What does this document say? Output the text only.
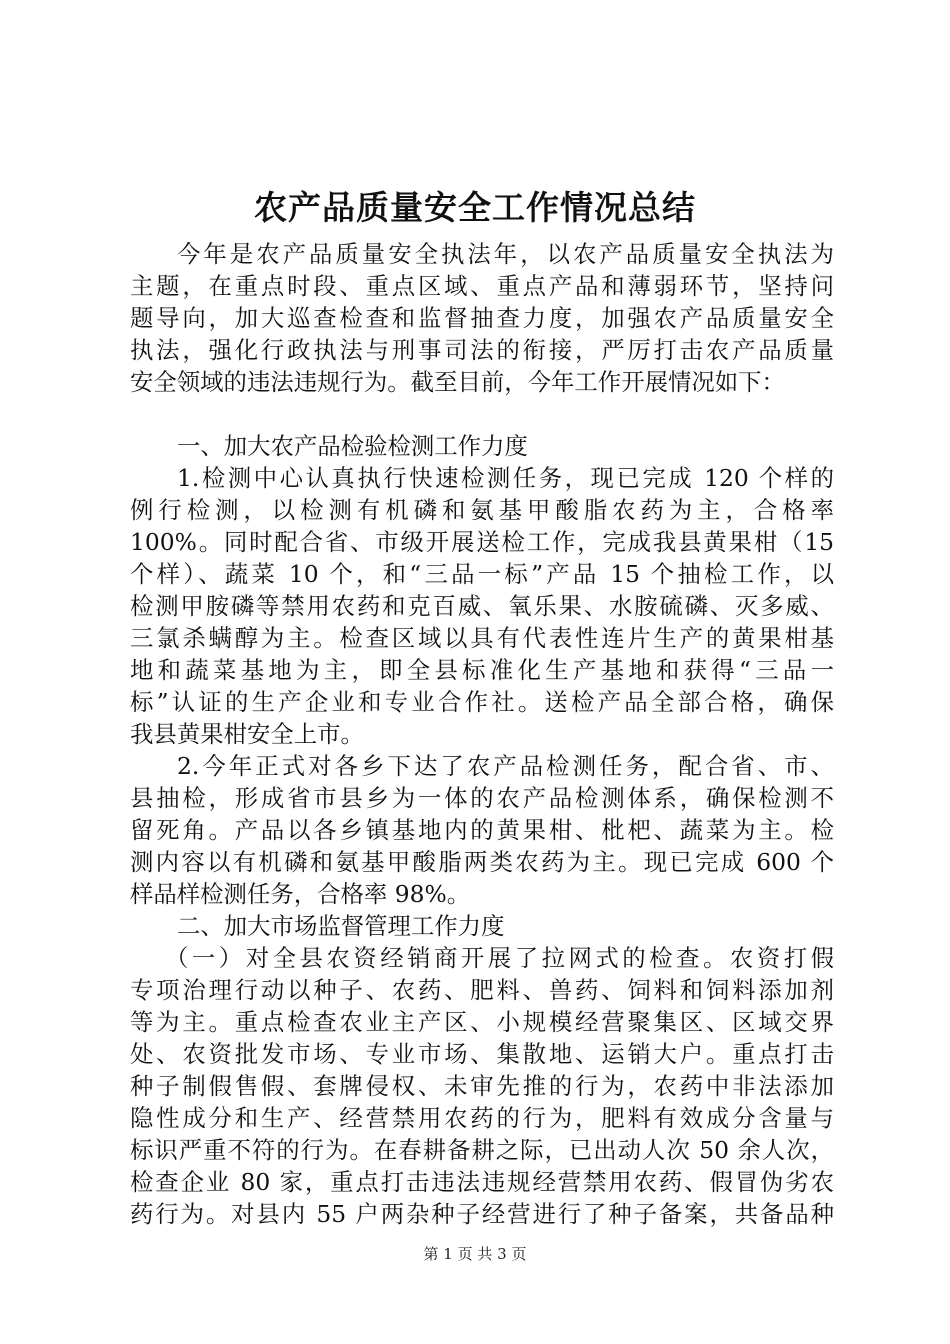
农产品质量安全工作情况总结
今年是农产品质量安全执法年，以农产品质量安全执法为
主题，在重点时段、重点区域、重点产品和薄弱环节，坚持问
题导向，加大巡查检查和监督抽查力度，加强农产品质量安全
执法，强化行政执法与刑事司法的衔接，严厉打击农产品质量
安全领域的违法违规行为。截至目前，今年工作开展情况如下：
一、加大农产品检验检测工作力度
1.检测中心认真执行快速检测任务，现已完成 120 个样的
例行检测，以检测有机磷和氨基甲酸脂农药为主，合格率
100%。同时配合省、市级开展送检工作，完成我县黄果柑（15
个样）、蔬菜 10 个，和“三品一标”产品 15 个抽检工作，以
检测甲胺磷等禁用农药和克百威、氧乐果、水胺硫磷、灭多威、
三氯杀螨醇为主。检查区域以具有代表性连片生产的黄果柑基
地和蔬菜基地为主，即全县标准化生产基地和获得“三品一
标”认证的生产企业和专业合作社。送检产品全部合格，确保
我县黄果柑安全上市。
2.今年正式对各乡下达了农产品检测任务，配合省、市、
县抽检，形成省市县乡为一体的农产品检测体系，确保检测不
留死角。产品以各乡镇基地内的黄果柑、枇杷、蔬菜为主。检
测内容以有机磷和氨基甲酸脂两类农药为主。现已完成 600 个
样品样检测任务，合格率 98%。
二、加大市场监督管理工作力度
（一）对全县农资经销商开展了拉网式的检查。农资打假
专项治理行动以种子、农药、肥料、兽药、饲料和饲料添加剂
等为主。重点检查农业主产区、小规模经营聚集区、区域交界
处、农资批发市场、专业市场、集散地、运销大户。重点打击
种子制假售假、套牌侵权、未审先推的行为，农药中非法添加
隐性成分和生产、经营禁用农药的行为，肥料有效成分含量与
标识严重不符的行为。在春耕备耕之际，已出动人次 50 余人次，
检查企业 80 家，重点打击违法违规经营禁用农药、假冒伪劣农
药行为。对县内 55 户两杂种子经营进行了种子备案，共备品种
第 1 页 共 3 页
